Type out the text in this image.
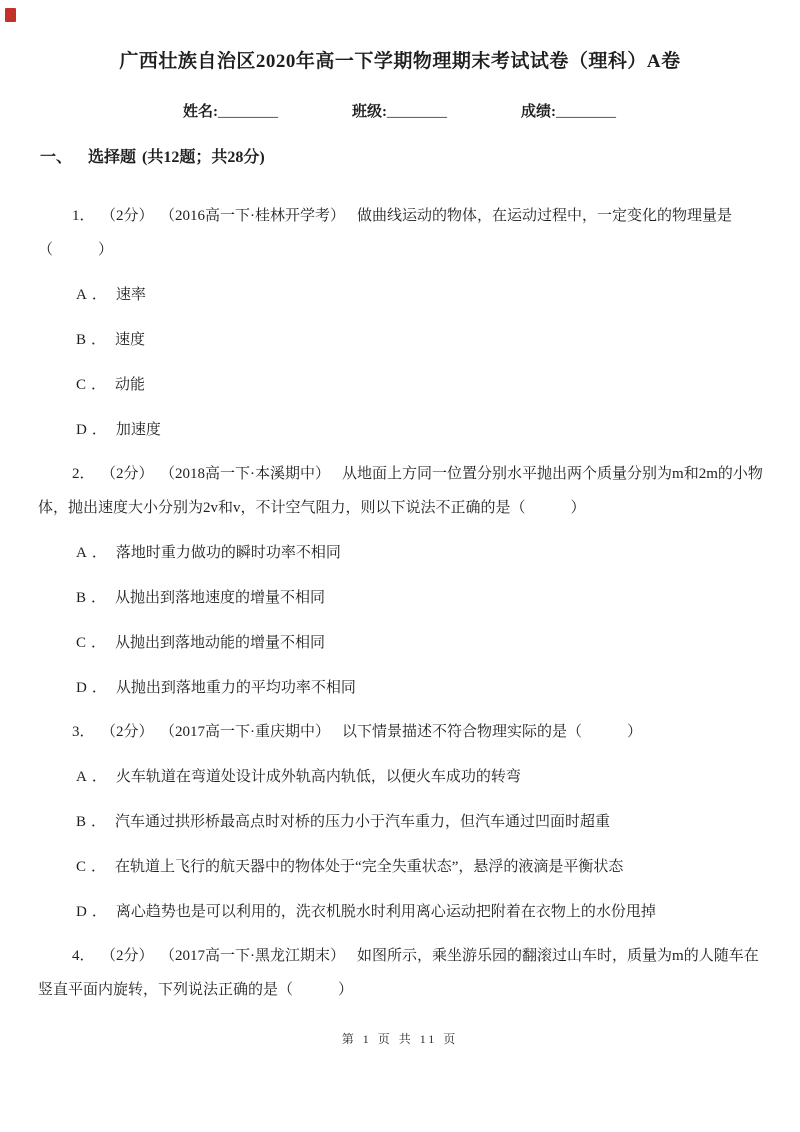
广西壮族自治区2020年高一下学期物理期末考试试卷（理科）A卷
姓名:________	班级:________	成绩:________
一、 选择题 (共12题；共28分)

1． （2分） （2016高一下·桂林开学考） 做曲线运动的物体，在运动过程中，一定变化的物理量是（　　　）

A ． 速率

B ． 速度

C ． 动能

D ． 加速度

2． （2分） （2018高一下·本溪期中） 从地面上方同一位置分别水平抛出两个质量分别为m和2m的小物体，抛出速度大小分别为2v和v，不计空气阻力，则以下说法不正确的是（　　　）

A ． 落地时重力做功的瞬时功率不相同

B ． 从抛出到落地速度的增量不相同

C ． 从抛出到落地动能的增量不相同

D ． 从抛出到落地重力的平均功率不相同

3． （2分） （2017高一下·重庆期中） 以下情景描述不符合物理实际的是（　　　）

A ． 火车轨道在弯道处设计成外轨高内轨低，以便火车成功的转弯

B ． 汽车通过拱形桥最高点时对桥的压力小于汽车重力，但汽车通过凹面时超重

C ． 在轨道上飞行的航天器中的物体处于“完全失重状态”，悬浮的液滴是平衡状态

D ． 离心趋势也是可以利用的，洗衣机脱水时利用离心运动把附着在衣物上的水份甩掉

4． （2分） （2017高一下·黑龙江期末） 如图所示，乘坐游乐园的翻滚过山车时，质量为m的人随车在竖直平面内旋转，下列说法正确的是（　　　）

第 1 页 共 11 页
